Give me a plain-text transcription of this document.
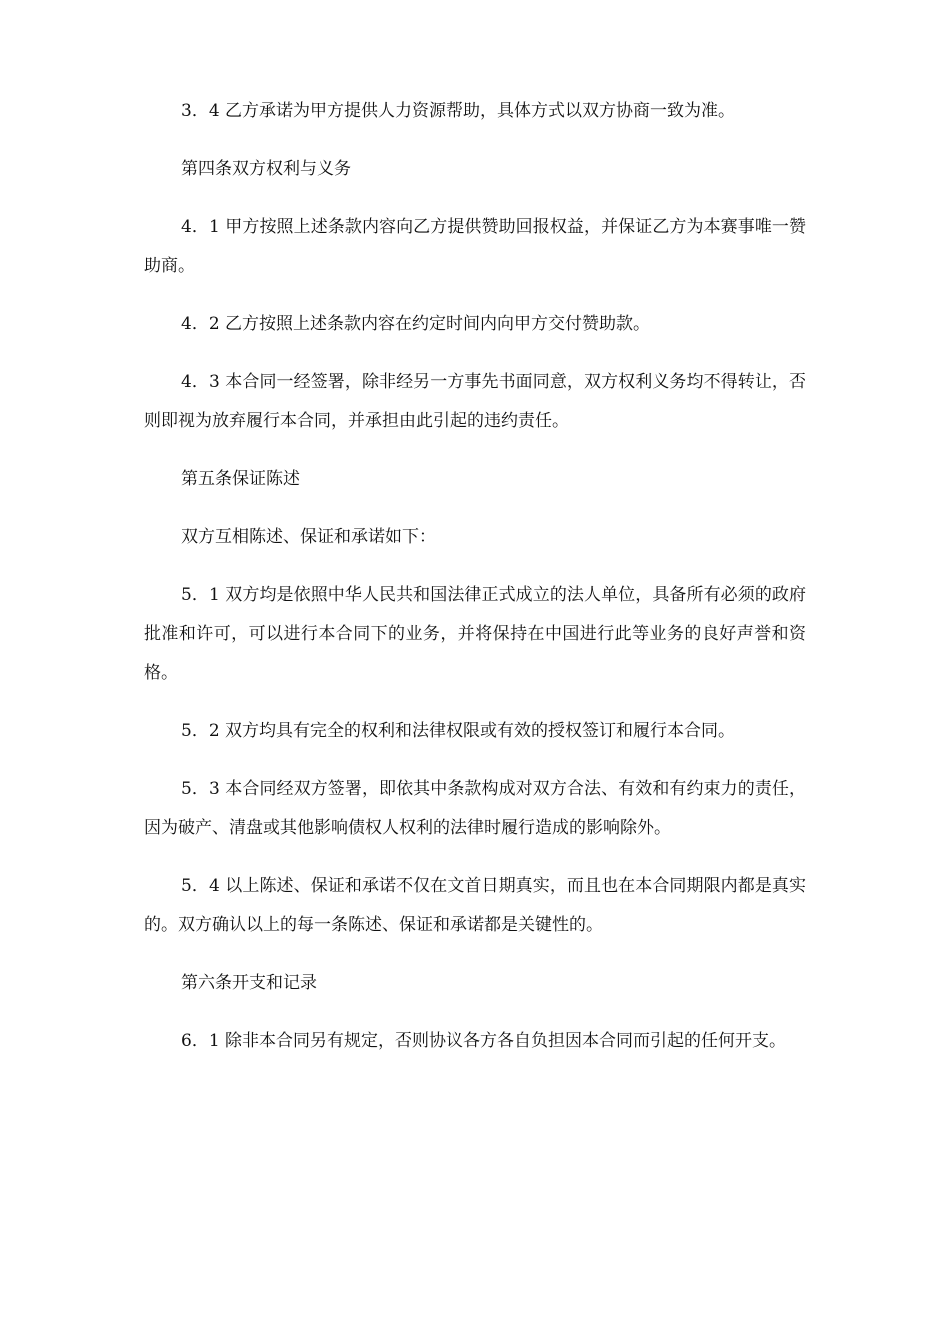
3．4 乙方承诺为甲方提供人力资源帮助，具体方式以双方协商一致为准。

第四条双方权利与义务

4．1 甲方按照上述条款内容向乙方提供赞助回报权益，并保证乙方为本赛事唯一赞助商。

4．2 乙方按照上述条款内容在约定时间内向甲方交付赞助款。

4．3 本合同一经签署，除非经另一方事先书面同意，双方权利义务均不得转让，否则即视为放弃履行本合同，并承担由此引起的违约责任。

第五条保证陈述

双方互相陈述、保证和承诺如下：

5．1 双方均是依照中华人民共和国法律正式成立的法人单位，具备所有必须的政府批准和许可，可以进行本合同下的业务，并将保持在中国进行此等业务的良好声誉和资格。

5．2 双方均具有完全的权利和法律权限或有效的授权签订和履行本合同。

5．3 本合同经双方签署，即依其中条款构成对双方合法、有效和有约束力的责任，因为破产、清盘或其他影响债权人权利的法律时履行造成的影响除外。

5．4 以上陈述、保证和承诺不仅在文首日期真实，而且也在本合同期限内都是真实的。双方确认以上的每一条陈述、保证和承诺都是关键性的。

第六条开支和记录

6．1 除非本合同另有规定，否则协议各方各自负担因本合同而引起的任何开支。
